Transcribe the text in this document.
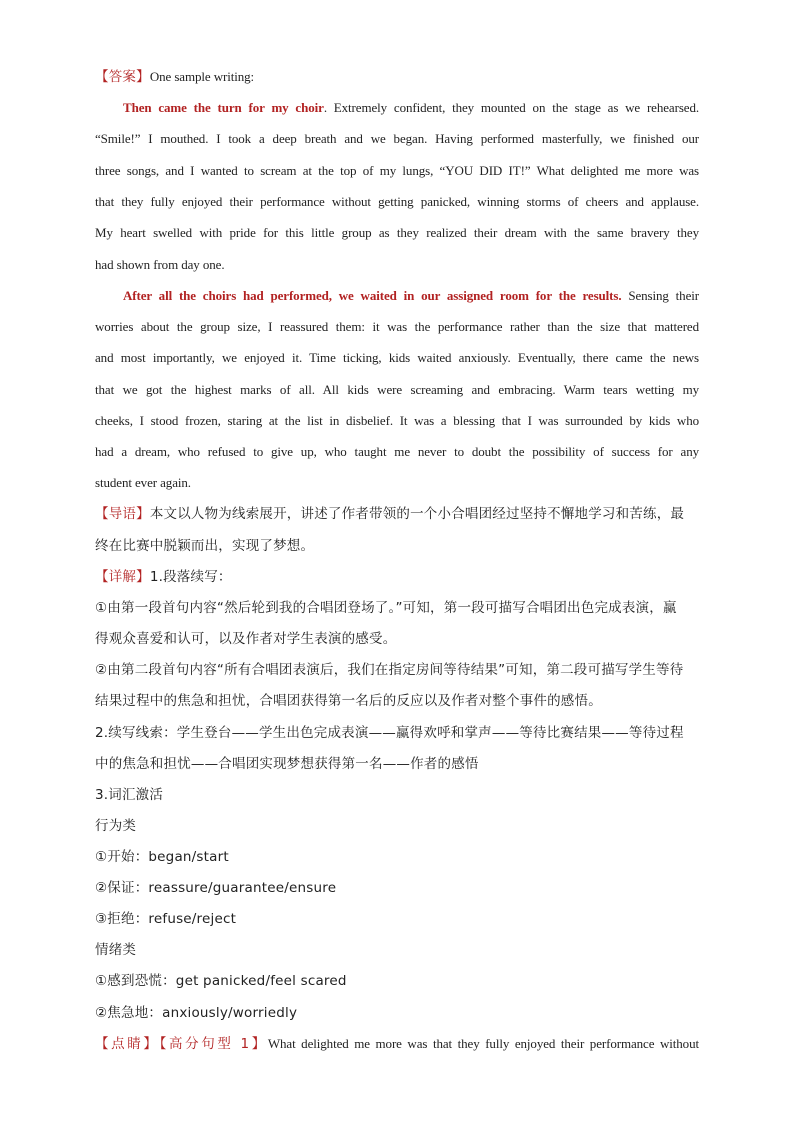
【答案】One sample writing:
Then came the turn for my choir. Extremely confident, they mounted on the stage as we rehearsed.
“Smile!” I mouthed. I took a deep breath and we began. Having performed masterfully, we finished our
three songs, and I wanted to scream at the top of my lungs, “YOU DID IT!” What delighted me more was
that they fully enjoyed their performance without getting panicked, winning storms of cheers and applause.
My heart swelled with pride for this little group as they realized their dream with the same bravery they
had shown from day one.
After all the choirs had performed, we waited in our assigned room for the results. Sensing their
worries about the group size, I reassured them: it was the performance rather than the size that mattered
and most importantly, we enjoyed it. Time ticking, kids waited anxiously. Eventually, there came the news
that we got the highest marks of all. All kids were screaming and embracing. Warm tears wetting my
cheeks, I stood frozen, staring at the list in disbelief. It was a blessing that I was surrounded by kids who
had a dream, who refused to give up, who taught me never to doubt the possibility of success for any
student ever again.
【导语】本文以人物为线索展开，讲述了作者带领的一个小合唱团经过坚持不懈地学习和苦练，最
终在比赛中脱颖而出，实现了梦想。
【详解】1.段落续写：
①由第一段首句内容“然后轮到我的合唱团登场了。”可知，第一段可描写合唱团出色完成表演，赢
得观众喜爱和认可，以及作者对学生表演的感受。
②由第二段首句内容“所有合唱团表演后，我们在指定房间等待结果”可知，第二段可描写学生等待
结果过程中的焦急和担忧，合唱团获得第一名后的反应以及作者对整个事件的感悟。
2.续写线索：学生登台——学生出色完成表演——赢得欢呼和掌声——等待比赛结果——等待过程
中的焦急和担忧——合唱团实现梦想获得第一名——作者的感悟
3.词汇激活
行为类
①开始：began/start
②保证：reassure/guarantee/ensure
③拒绝：refuse/reject
情绪类
①感到恐慌：get panicked/feel scared
②焦急地：anxiously/worriedly
【点睛】【高分句型 1】What delighted me more was that they fully enjoyed their performance without
